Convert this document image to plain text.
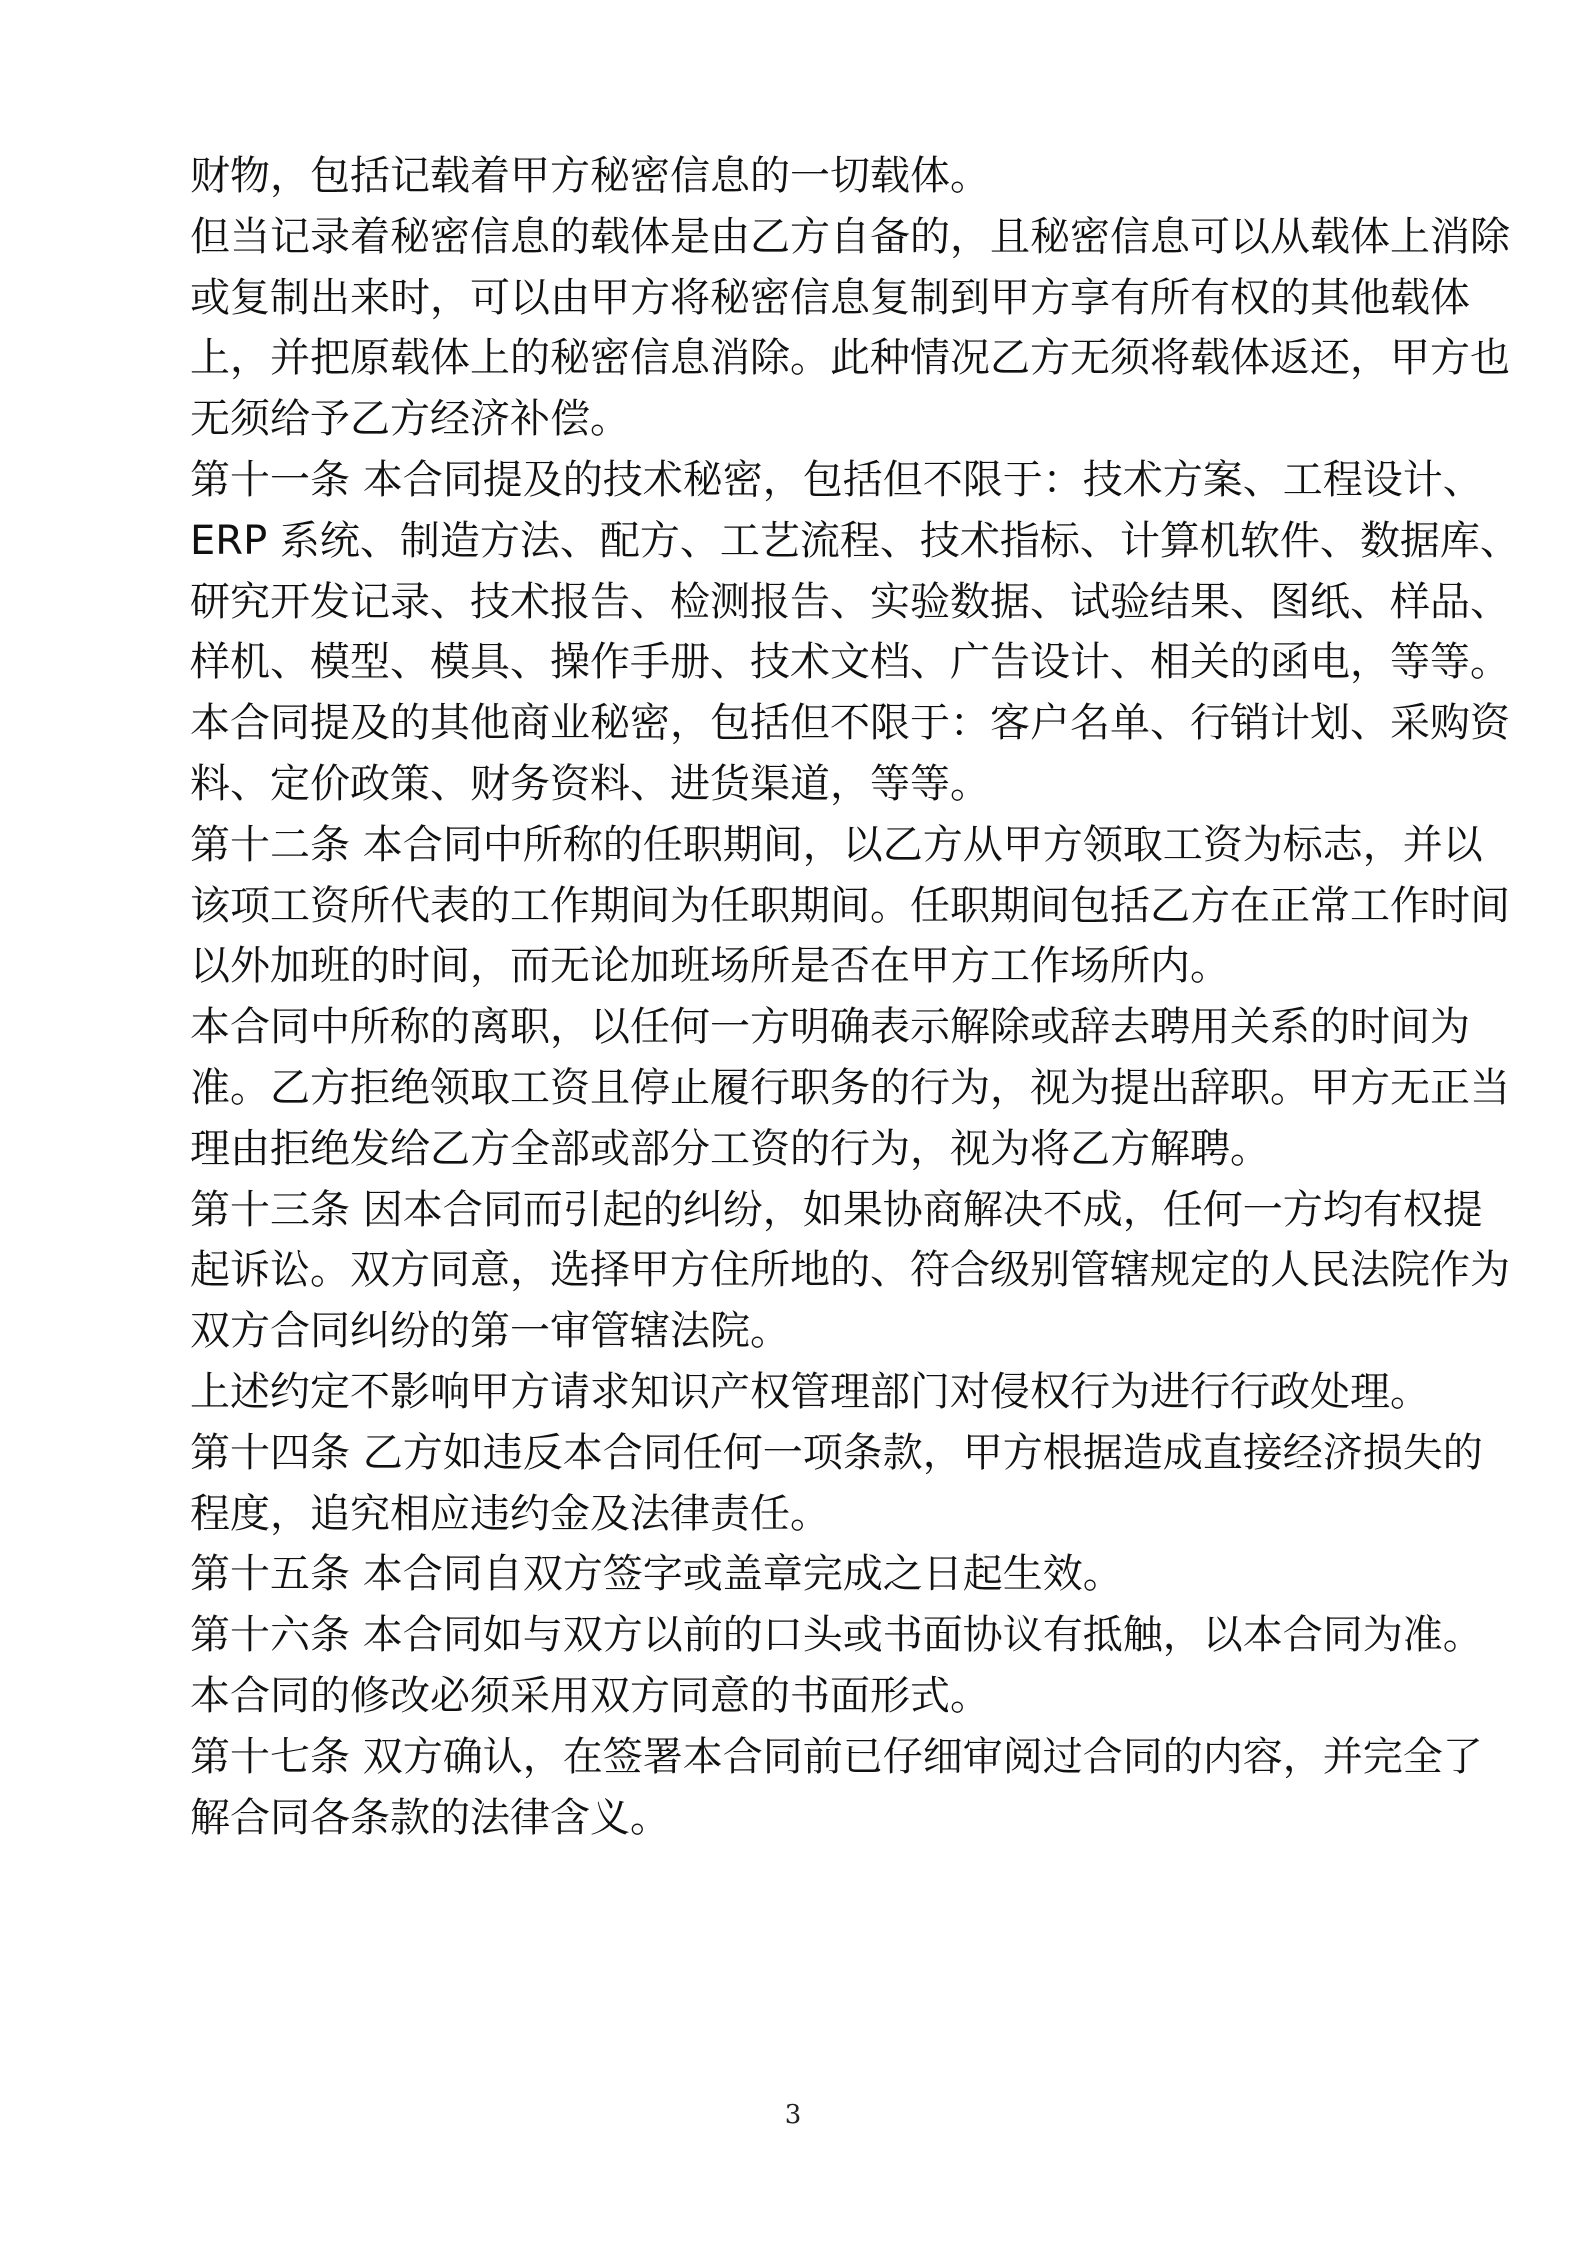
财物，包括记载着甲方秘密信息的一切载体。
但当记录着秘密信息的载体是由乙方自备的，且秘密信息可以从载体上消除
或复制出来时，可以由甲方将秘密信息复制到甲方享有所有权的其他载体
上，并把原载体上的秘密信息消除。此种情况乙方无须将载体返还，甲方也
无须给予乙方经济补偿。
第十一条 本合同提及的技术秘密，包括但不限于：技术方案、工程设计、
ERP 系统、制造方法、配方、工艺流程、技术指标、计算机软件、数据库、
研究开发记录、技术报告、检测报告、实验数据、试验结果、图纸、样品、
样机、模型、模具、操作手册、技术文档、广告设计、相关的函电，等等。
本合同提及的其他商业秘密，包括但不限于：客户名单、行销计划、采购资
料、定价政策、财务资料、进货渠道，等等。
第十二条 本合同中所称的任职期间，以乙方从甲方领取工资为标志，并以
该项工资所代表的工作期间为任职期间。任职期间包括乙方在正常工作时间
以外加班的时间，而无论加班场所是否在甲方工作场所内。
本合同中所称的离职，以任何一方明确表示解除或辞去聘用关系的时间为
准。乙方拒绝领取工资且停止履行职务的行为，视为提出辞职。甲方无正当
理由拒绝发给乙方全部或部分工资的行为，视为将乙方解聘。
第十三条 因本合同而引起的纠纷，如果协商解决不成，任何一方均有权提
起诉讼。双方同意，选择甲方住所地的、符合级别管辖规定的人民法院作为
双方合同纠纷的第一审管辖法院。
上述约定不影响甲方请求知识产权管理部门对侵权行为进行行政处理。
第十四条 乙方如违反本合同任何一项条款，甲方根据造成直接经济损失的
程度，追究相应违约金及法律责任。
第十五条 本合同自双方签字或盖章完成之日起生效。
第十六条 本合同如与双方以前的口头或书面协议有抵触，以本合同为准。
本合同的修改必须采用双方同意的书面形式。
第十七条 双方确认，在签署本合同前已仔细审阅过合同的内容，并完全了
解合同各条款的法律含义。
3
